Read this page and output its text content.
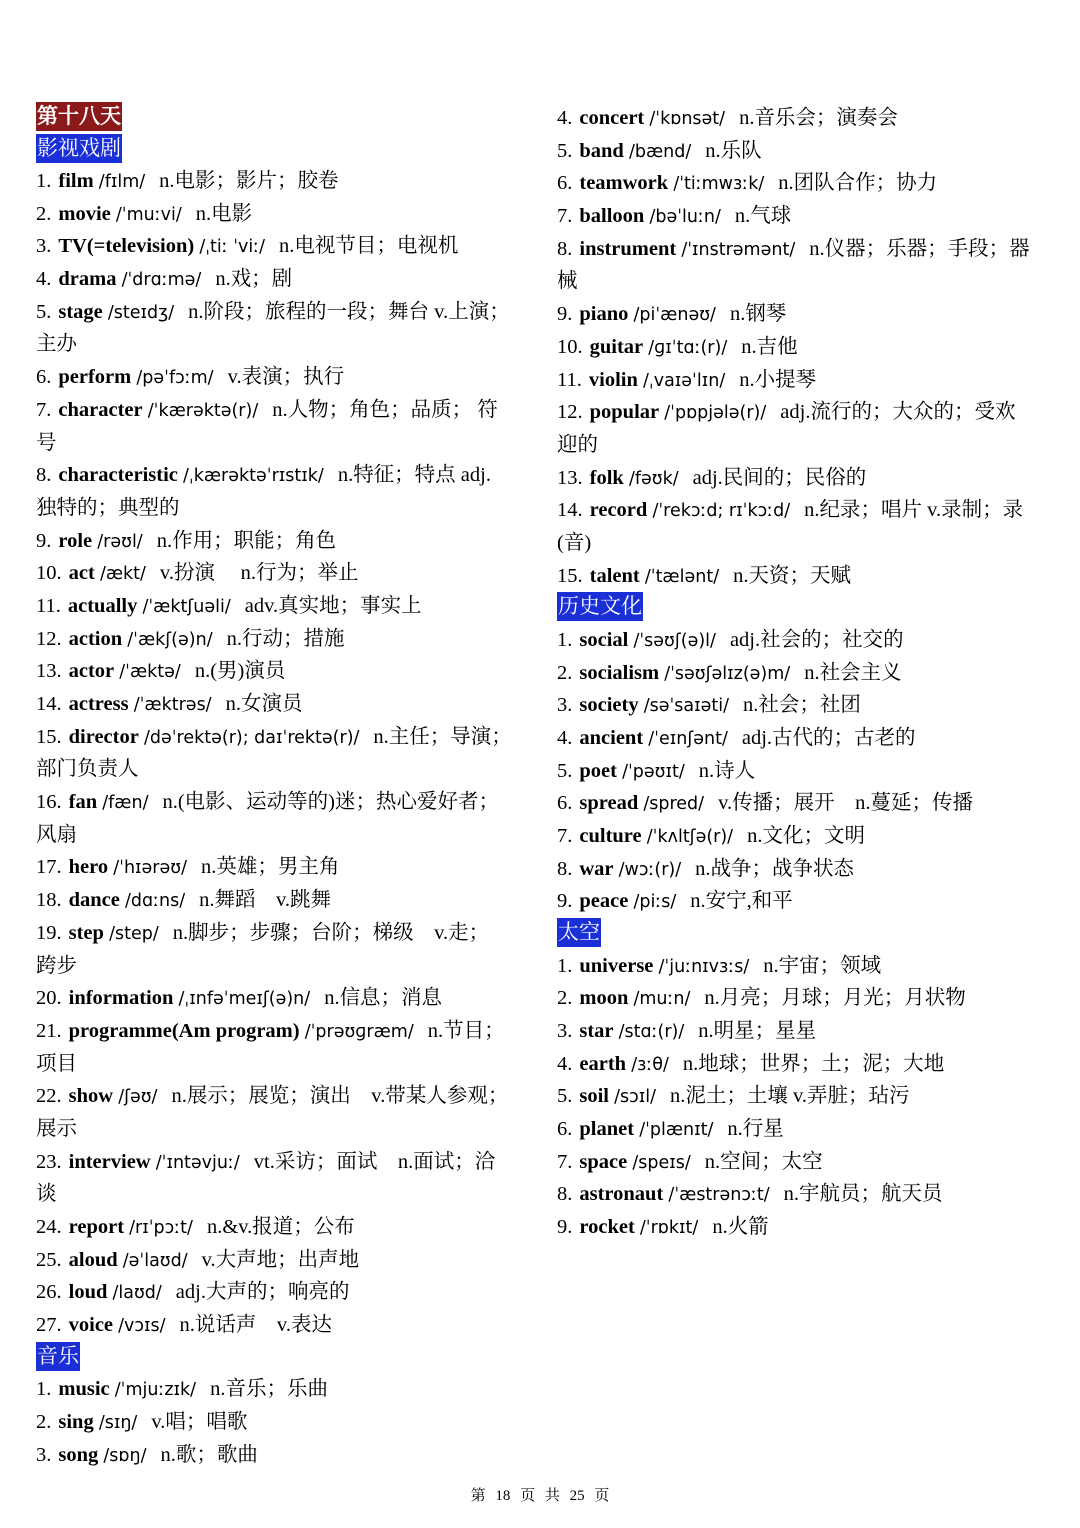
第十八天
影视戏剧
1. film /fɪlm/ n.电影；影片；胶卷
2. movie /ˈmuːvi/ n.电影
3. TV(=television) /ˌtiː ˈviː/ n.电视节目；电视机
4. drama /ˈdrɑːmə/ n.戏；剧
5. stage /steɪdʒ/ n.阶段；旅程的一段；舞台 v.上演；
主办
6. perform /pəˈfɔːm/ v.表演；执行
7. character /ˈkærəktə(r)/ n.人物；角色；品质； 符
号
8. characteristic /ˌkærəktəˈrɪstɪk/ n.特征；特点 adj.
独特的；典型的
9. role /rəʊl/ n.作用；职能；角色
10. act /ækt/ v.扮演　 n.行为；举止
11. actually /ˈæktʃuəli/ adv.真实地；事实上
12. action /ˈækʃ(ə)n/ n.行动；措施
13. actor /ˈæktə/ n.(男)演员
14. actress /ˈæktrəs/ n.女演员
15. director /dəˈrektə(r); daɪˈrektə(r)/ n.主任；导演；
部门负责人
16. fan /fæn/ n.(电影、运动等的)迷；热心爱好者；
风扇
17. hero /ˈhɪərəʊ/ n.英雄；男主角
18. dance /dɑːns/ n.舞蹈　v.跳舞
19. step /step/ n.脚步；步骤；台阶；梯级　v.走；
跨步
20. information /ˌɪnfəˈmeɪʃ(ə)n/ n.信息；消息
21. programme(Am program) /ˈprəʊɡræm/ n.节目；
项目
22. show /ʃəʊ/ n.展示；展览；演出　v.带某人参观；
展示
23. interview /ˈɪntəvjuː/ vt.采访；面试　n.面试；洽
谈
24. report /rɪˈpɔːt/ n.&v.报道；公布
25. aloud /əˈlaʊd/ v.大声地；出声地
26. loud /laʊd/ adj.大声的；响亮的
27. voice /vɔɪs/ n.说话声　v.表达
音乐
1. music /ˈmjuːzɪk/ n.音乐；乐曲
2. sing /sɪŋ/ v.唱；唱歌
3. song /sɒŋ/ n.歌；歌曲
4. concert /ˈkɒnsət/ n.音乐会；演奏会
5. band /bænd/ n.乐队
6. teamwork /ˈtiːmwɜːk/ n.团队合作；协力
7. balloon /bəˈluːn/ n.气球
8. instrument /ˈɪnstrəmənt/ n.仪器；乐器；手段；器
械
9. piano /piˈænəʊ/ n.钢琴
10. guitar /ɡɪˈtɑː(r)/ n.吉他
11. violin /ˌvaɪəˈlɪn/ n.小提琴
12. popular /ˈpɒpjələ(r)/ adj.流行的；大众的；受欢
迎的
13. folk /fəʊk/ adj.民间的；民俗的
14. record /ˈrekɔːd; rɪˈkɔːd/ n.纪录；唱片 v.录制；录
(音)
15. talent /ˈtælənt/ n.天资；天赋
历史文化
1. social /ˈsəʊʃ(ə)l/ adj.社会的；社交的
2. socialism /ˈsəʊʃəlɪz(ə)m/ n.社会主义
3. society /səˈsaɪəti/ n.社会；社团
4. ancient /ˈeɪnʃənt/ adj.古代的；古老的
5. poet /ˈpəʊɪt/ n.诗人
6. spread /spred/ v.传播；展开　n.蔓延；传播
7. culture /ˈkʌltʃə(r)/ n.文化；文明
8. war /wɔː(r)/ n.战争；战争状态
9. peace /piːs/ n.安宁,和平
太空
1. universe /ˈjuːnɪvɜːs/ n.宇宙；领域
2. moon /muːn/ n.月亮；月球；月光；月状物
3. star /stɑː(r)/ n.明星；星星
4. earth /ɜːθ/ n.地球；世界；土；泥；大地
5. soil /sɔɪl/ n.泥土；土壤 v.弄脏；玷污
6. planet /ˈplænɪt/ n.行星
7. space /speɪs/ n.空间；太空
8. astronaut /ˈæstrənɔːt/ n.宇航员；航天员
9. rocket /ˈrɒkɪt/ n.火箭
第 18 页 共 25 页
